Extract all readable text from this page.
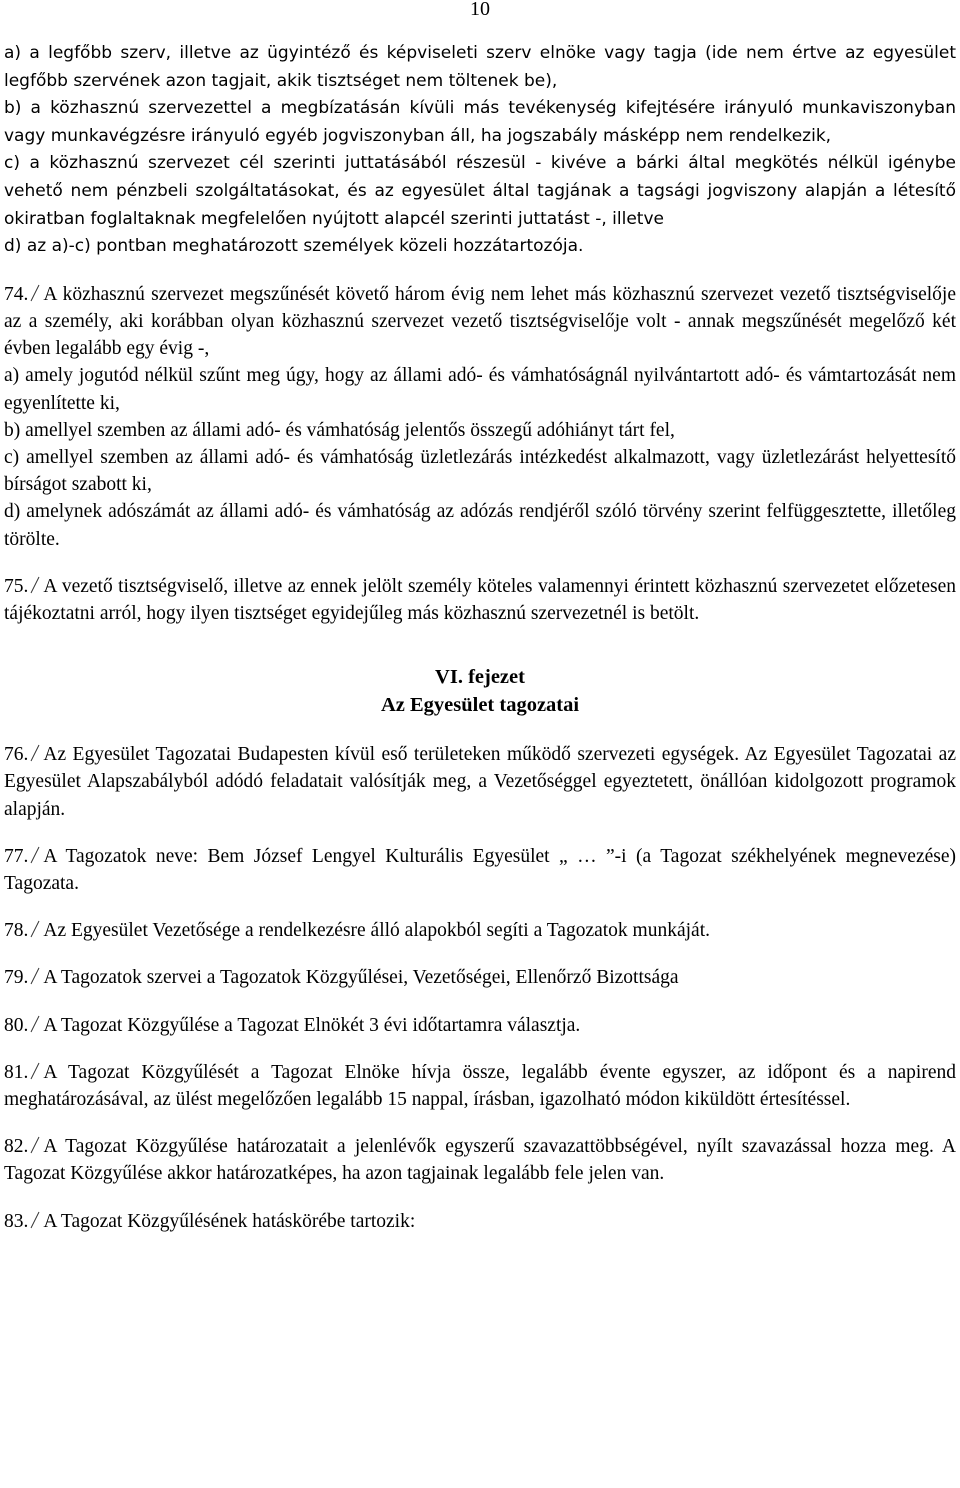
10

a) a legfőbb szerv, illetve az ügyintéző és képviseleti szerv elnöke vagy tagja (ide nem értve az egyesület legfőbb szervének azon tagjait, akik tisztséget nem töltenek be),

b) a közhasznú szervezettel a megbízatásán kívüli más tevékenység kifejtésére irányuló munkaviszonyban vagy munkavégzésre irányuló egyéb jogviszonyban áll, ha jogszabály másképp nem rendelkezik,

c) a közhasznú szervezet cél szerinti juttatásából részesül - kivéve a bárki által megkötés nélkül igénybe vehető nem pénzbeli szolgáltatásokat, és az egyesület által tagjának a tagsági jogviszony alapján a létesítő okiratban foglaltaknak megfelelően nyújtott alapcél szerinti juttatást -, illetve

d) az a)-c) pontban meghatározott személyek közeli hozzátartozója.

74. A közhasznú szervezet megszűnését követő három évig nem lehet más közhasznú szervezet vezető tisztségviselője az a személy, aki korábban olyan közhasznú szervezet vezető tisztségviselője volt - annak megszűnését megelőző két évben legalább egy évig -,

a) amely jogutód nélkül szűnt meg úgy, hogy az állami adó- és vámhatóságnál nyilvántartott adó- és vámtartozását nem egyenlítette ki,

b) amellyel szemben az állami adó- és vámhatóság jelentős összegű adóhiányt tárt fel,

c) amellyel szemben az állami adó- és vámhatóság üzletlezárás intézkedést alkalmazott, vagy üzletlezárást helyettesítő bírságot szabott ki,

d) amelynek adószámát az állami adó- és vámhatóság az adózás rendjéről szóló törvény szerint felfüggesztette, illetőleg törölte.

75. A vezető tisztségviselő, illetve az ennek jelölt személy köteles valamennyi érintett közhasznú szervezetet előzetesen tájékoztatni arról, hogy ilyen tisztséget egyidejűleg más közhasznú szervezetnél is betölt.

VI. fejezet

Az Egyesület tagozatai

76. Az Egyesület Tagozatai Budapesten kívül eső területeken működő szervezeti egységek. Az Egyesület Tagozatai az Egyesület Alapszabályból adódó feladatait valósítják meg, a Vezetőséggel egyeztetett, önállóan kidolgozott programok alapján.

77. A Tagozatok neve: Bem József Lengyel Kulturális Egyesület „ … ”-i (a Tagozat székhelyének megnevezése) Tagozata.

78. Az Egyesület Vezetősége a rendelkezésre álló alapokból segíti a Tagozatok munkáját.

79. A Tagozatok szervei a Tagozatok Közgyűlései, Vezetőségei, Ellenőrző Bizottsága

80. A Tagozat Közgyűlése a Tagozat Elnökét 3 évi időtartamra választja.

81. A Tagozat Közgyűlését a Tagozat Elnöke hívja össze, legalább évente egyszer, az időpont és a napirend meghatározásával, az ülést megelőzően legalább 15 nappal, írásban, igazolható módon kiküldött értesítéssel.

82. A Tagozat Közgyűlése határozatait a jelenlévők egyszerű szavazattöbbségével, nyílt szavazással hozza meg. A Tagozat Közgyűlése akkor határozatképes, ha azon tagjainak legalább fele jelen van.

83. A Tagozat Közgyűlésének hatáskörébe tartozik:
